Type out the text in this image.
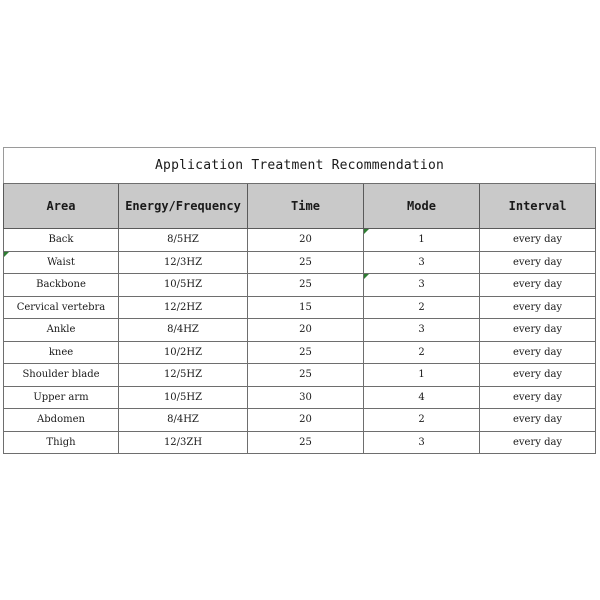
Application Treatment Recommendation				
Area	Energy/Frequency	Time	Mode	Interval
Back	8/5HZ	20	1	every day

Waist	12/3HZ	25	3	every day
Backbone	10/5HZ	25	3	every day
Cervical vertebra	12/2HZ	15	2	every day
Ankle	8/4HZ	20	3	every day
knee	10/2HZ	25	2	every day
Shoulder blade	12/5HZ	25	1	every day
Upper arm	10/5HZ	30	4	every day
Abdomen	8/4HZ	20	2	every day
Thigh	12/3ZH	25	3	every day
